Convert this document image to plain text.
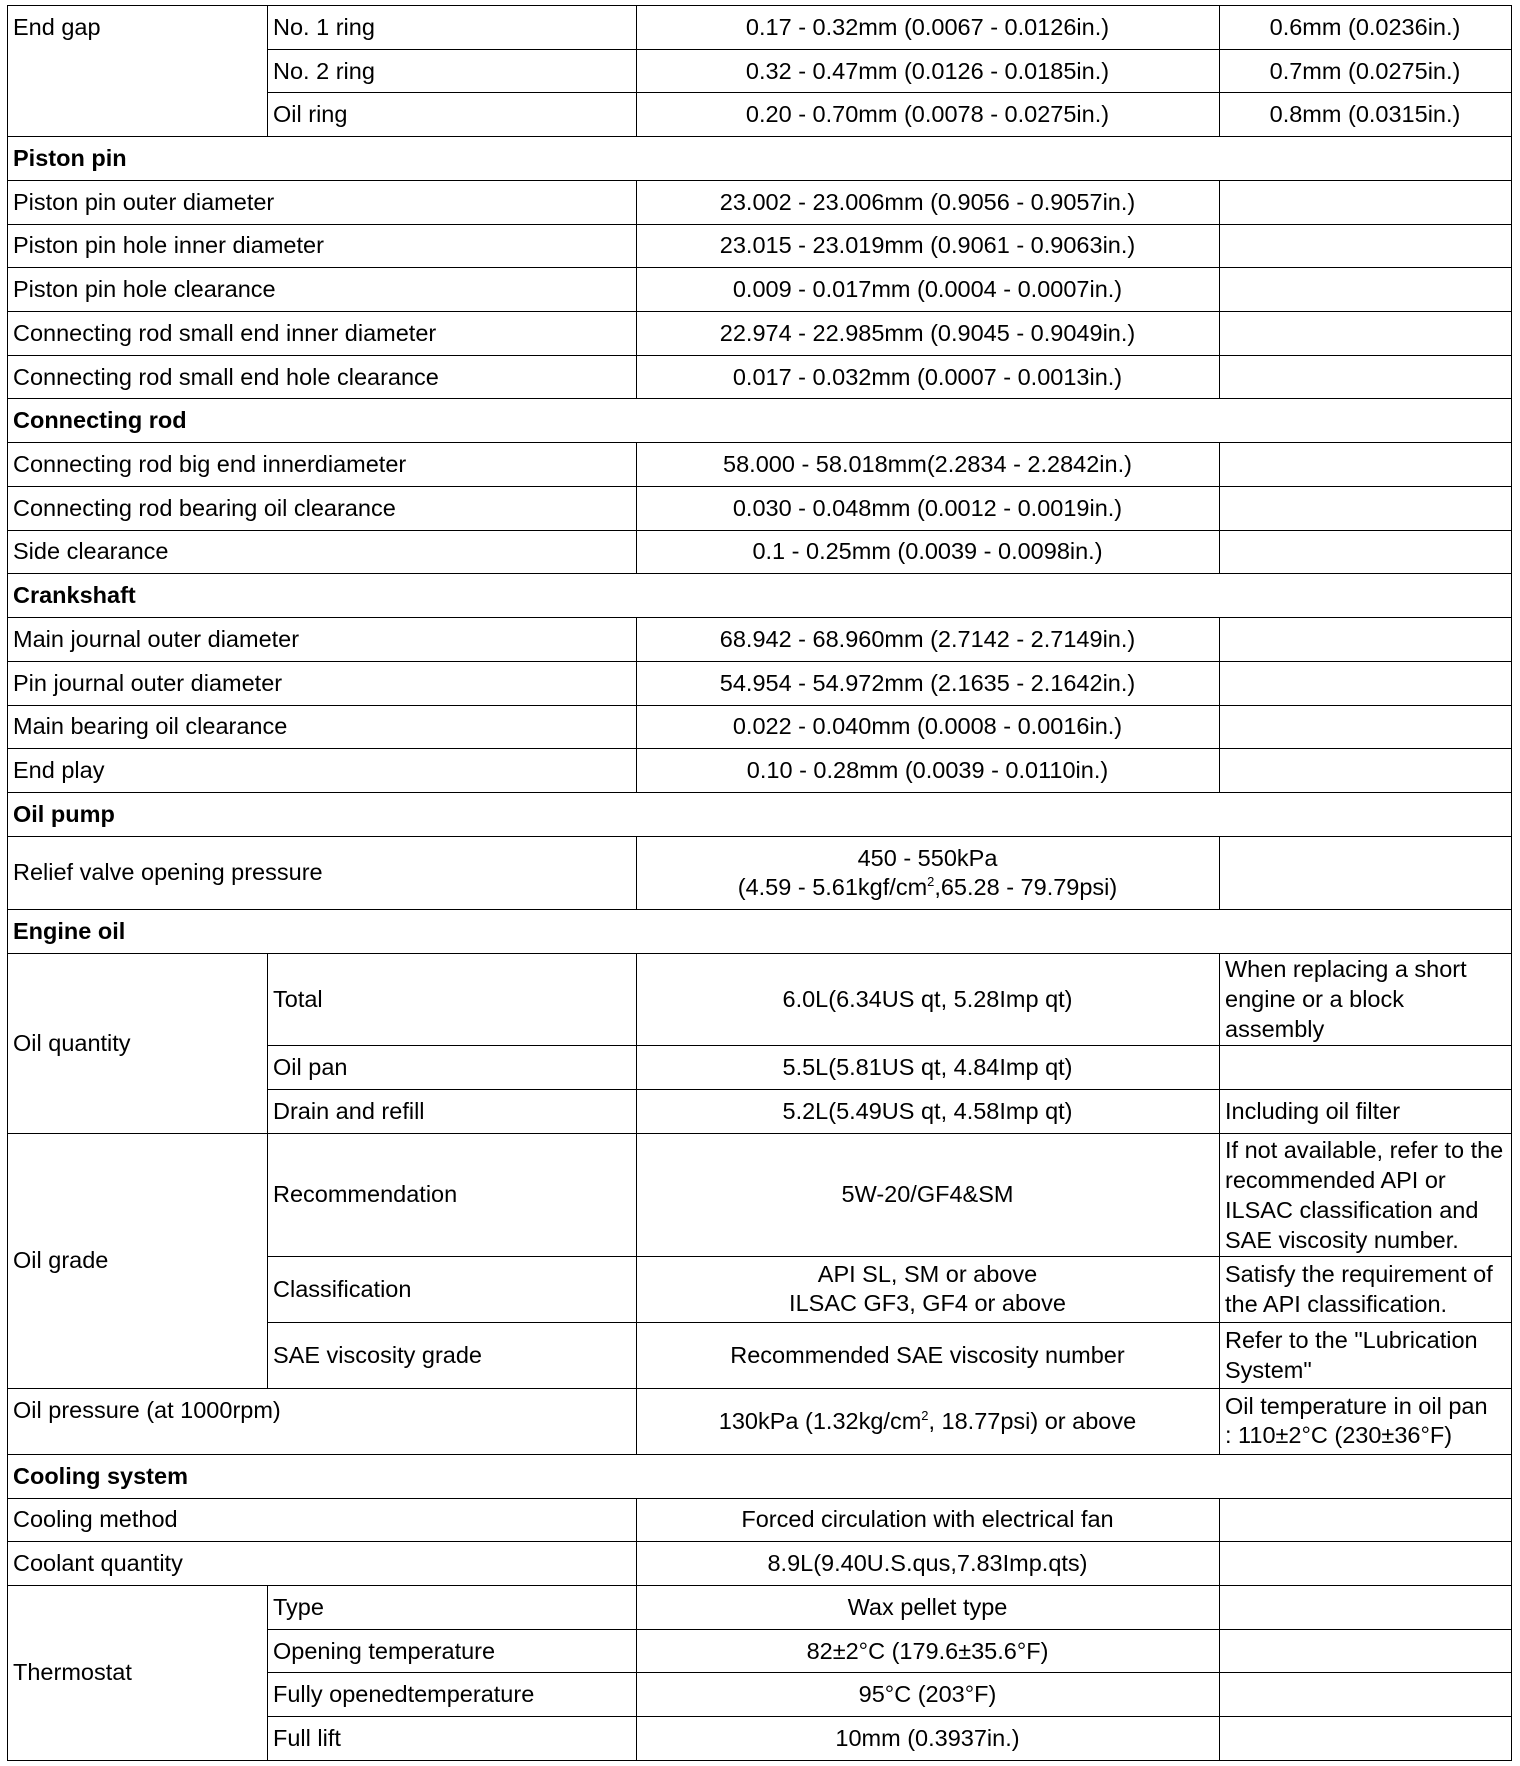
End gap	No. 1 ring	0.17 - 0.32mm (0.0067 - 0.0126in.)	0.6mm (0.0236in.)
	No. 2 ring	0.32 - 0.47mm (0.0126 - 0.0185in.)	0.7mm (0.0275in.)
	Oil ring	0.20 - 0.70mm (0.0078 - 0.0275in.)	0.8mm (0.0315in.)
Piston pin			
Piston pin outer diameter		23.002 - 23.006mm (0.9056 - 0.9057in.)	
Piston pin hole inner diameter		23.015 - 23.019mm (0.9061 - 0.9063in.)	
Piston pin hole clearance		0.009 - 0.017mm (0.0004 - 0.0007in.)	
Connecting rod small end inner diameter		22.974 - 22.985mm (0.9045 - 0.9049in.)	
Connecting rod small end hole clearance		0.017 - 0.032mm (0.0007 - 0.0013in.)	
Connecting rod			
Connecting rod big end innerdiameter		58.000 - 58.018mm(2.2834 - 2.2842in.)	
Connecting rod bearing oil clearance		0.030 - 0.048mm (0.0012 - 0.0019in.)	
Side clearance		0.1 - 0.25mm (0.0039 - 0.0098in.)	
Crankshaft			
Main journal outer diameter		68.942 - 68.960mm (2.7142 - 2.7149in.)	
Pin journal outer diameter		54.954 - 54.972mm (2.1635 - 2.1642in.)	
Main bearing oil clearance		0.022 - 0.040mm (0.0008 - 0.0016in.)	
End play		0.10 - 0.28mm (0.0039 - 0.0110in.)	
Oil pump			
Relief valve opening pressure		450 - 550kPa
$(4.59 - 5.61kgf/cm^2,65.28 - 79.79psi)$	

Engine oil			
Oil quantity	Total	6.0L(6.34US qt, 5.28Imp qt)	When replacing a short engine or a block assembly
	Oil pan	5.5L(5.81US qt, 4.84Imp qt)	
	Drain and refill	5.2L(5.49US qt, 4.58Imp qt)	Including oil filter
Oil grade	Recommendation	5W-20/GF4&SM	If not available, refer to the recommended API or ILSAC classification and SAE viscosity number.
	Classification	API SL, SM or above
ILSAC GF3, GF4 or above	Satisfy the requirement of the API classification.
	SAE viscosity grade	Recommended SAE viscosity number	Refer to the "Lubrication System"
Oil pressure (at 1000rpm)		130kPa ($1.32kg/cm^2$, 18.77psi) or above	Oil temperature in oil pan
: 110±2°C (230±36°F)

Cooling system			
Cooling method		Forced circulation with electrical fan	
Coolant quantity		8.9L(9.40U.S.qus,7.83Imp.qts)	
Thermostat	Type	Wax pellet type	
	Opening temperature	82±2°C (179.6±35.6°F)	
	Fully openedtemperature	95°C (203°F)	
	Full lift	10mm (0.3937in.)	
